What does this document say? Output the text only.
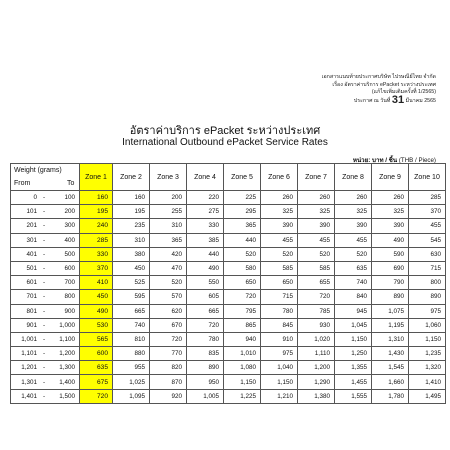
เอกสารแนบท้ายประกาศบริษัท ไปรษณีย์ไทย จำกัด
เรื่อง อัตราค่าบริการ ePacket ระหว่างประเทศ
(แก้ไขเพิ่มเติมครั้งที่ 1/2565)
ประกาศ ณ วันที่ 31 มีนาคม 2565
อัตราค่าบริการ ePacket ระหว่างประเทศ
International Outbound ePacket Service Rates
หน่วย: บาท / ชิ้น (THB / Piece)
Weight (grams)
From To	Zone 1	Zone 2	Zone 3	Zone 4	Zone 5	Zone 6	Zone 7	Zone 8	Zone 9	Zone 10
0 - 100	160	160	200	220	225	260	260	260	260	285
101 - 200	195	195	255	275	295	325	325	325	325	370
201 - 300	240	235	310	330	365	390	390	390	390	455
301 - 400	285	310	365	385	440	455	455	455	490	545
401 - 500	330	380	420	440	520	520	520	520	590	630
501 - 600	370	450	470	490	580	585	585	635	690	715
601 - 700	410	525	520	550	650	650	655	740	790	800
701 - 800	450	595	570	605	720	715	720	840	890	890
801 - 900	490	665	620	665	795	780	785	945	1,075	975
901 - 1,000	530	740	670	720	865	845	930	1,045	1,195	1,060
1,001 - 1,100	565	810	720	780	940	910	1,020	1,150	1,310	1,150
1,101 - 1,200	600	880	770	835	1,010	975	1,110	1,250	1,430	1,235
1,201 - 1,300	635	955	820	890	1,080	1,040	1,200	1,355	1,545	1,320
1,301 - 1,400	675	1,025	870	950	1,150	1,150	1,290	1,455	1,660	1,410
1,401 - 1,500	720	1,095	920	1,005	1,225	1,210	1,380	1,555	1,780	1,495
